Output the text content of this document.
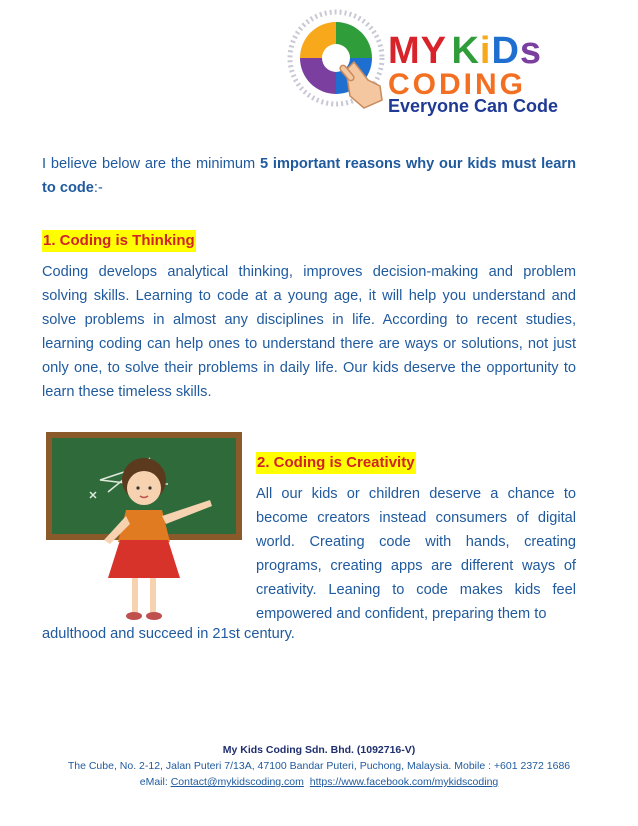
MY KiDs
CODING
Everyone Can Code
I believe below are the minimum 5 important reasons why our kids must learn to code:-
1. Coding is Thinking
Coding develops analytical thinking, improves decision-making and problem solving skills. Learning to code at a young age, it will help you understand and solve problems in almost any disciplines in life. According to recent studies, learning coding can help ones to understand there are ways or solutions, not just only one, to solve their problems in daily life. Our kids deserve the opportunity to learn these timeless skills.
2. Coding is Creativity
All our kids or children deserve a chance to become creators instead consumers of digital world. Creating code with hands, creating programs, creating apps are different ways of creativity. Leaning to code makes kids feel empowered and confident, preparing them to
adulthood and succeed in 21st century.
My Kids Coding Sdn. Bhd. (1092716-V)
The Cube, No. 2-12, Jalan Puteri 7/13A, 47100 Bandar Puteri, Puchong, Malaysia. Mobile : +601 2372 1686
eMail: Contact@mykidscoding.com https://www.facebook.com/mykidscoding
